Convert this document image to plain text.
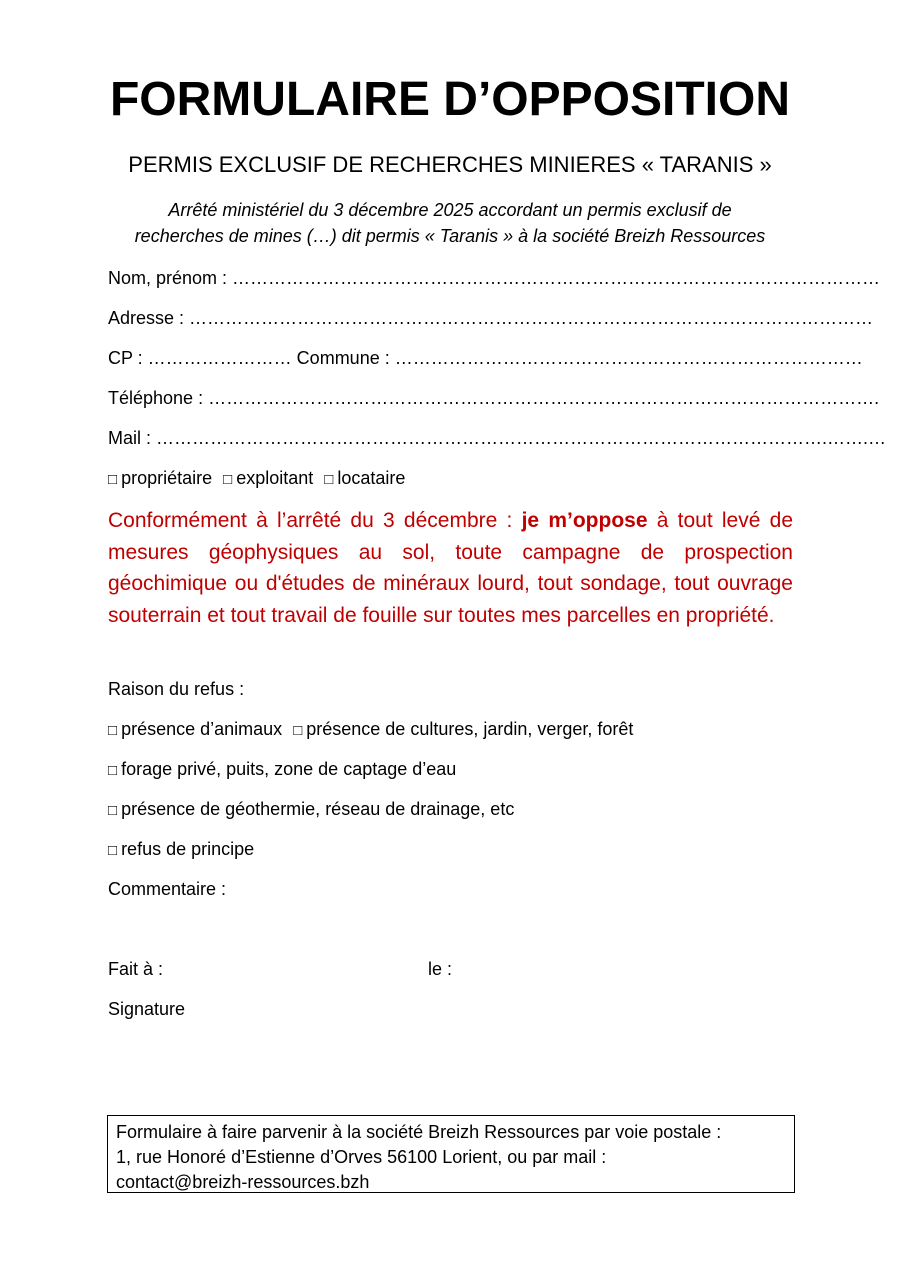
FORMULAIRE D’OPPOSITION
PERMIS EXCLUSIF DE RECHERCHES MINIERES « TARANIS »
Arrêté ministériel du 3 décembre 2025 accordant un permis exclusif de
recherches de mines (…) dit permis « Taranis » à la société Breizh Ressources
Nom, prénom : ………………………………………………………………………………………………
Adresse : ……………………………………………………………………………………………………
CP : …………………… Commune : ……………………………………………………………………
Téléphone : ………………………………………………………………………………………………….
Mail : ………………………………………………………………………………………………….…….…
□ propriétaire □ exploitant □ locataire
Conformément à l’arrêté du 3 décembre : je m’oppose à tout levé de mesures géophysiques au sol, toute campagne de prospection géochimique ou d'études de minéraux lourd, tout sondage, tout ouvrage souterrain et tout travail de fouille sur toutes mes parcelles en propriété.
Raison du refus :
□ présence d’animaux □ présence de cultures, jardin, verger, forêt
□ forage privé, puits, zone de captage d’eau
□ présence de géothermie, réseau de drainage, etc
□ refus de principe
Commentaire :
Fait à :	le :
Signature
Formulaire à faire parvenir à la société Breizh Ressources par voie postale :
1, rue Honoré d’Estienne d’Orves 56100 Lorient, ou par mail :
contact@breizh-ressources.bzh
